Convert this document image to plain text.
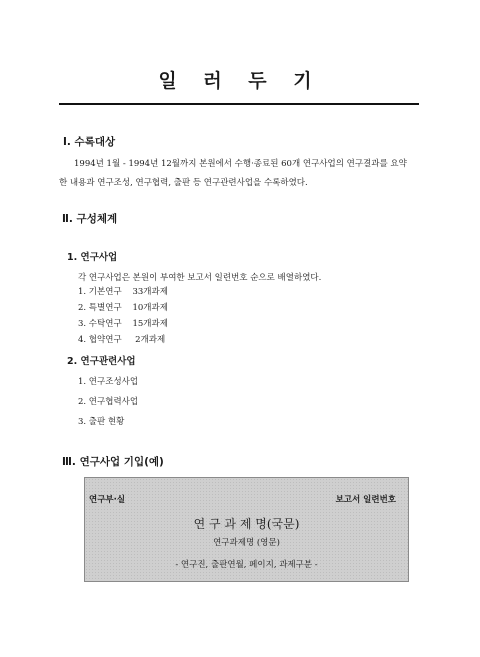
일 러 두 기
Ⅰ. 수록대상
1994년 1월 - 1994년 12월까지 본원에서 수행·종료된 60개 연구사업의 연구결과를 요약
한 내용과 연구조성, 연구협력, 출판 등 연구관련사업을 수록하였다.
Ⅱ. 구성체계
1. 연구사업
각 연구사업은 본원이 부여한 보고서 일련번호 순으로 배열하였다.
1. 기본연구    33개과제
2. 특별연구    10개과제
3. 수탁연구    15개과제
4. 협약연구     2개과제
2. 연구관련사업
1. 연구조성사업
2. 연구협력사업
3. 출판 현황
Ⅲ. 연구사업 기입(예)
연구부·실	보고서 일련번호
연 구 과 제 명(국문)
연구과제명 (영문)
- 연구진, 출판연월, 페이지, 과제구분 -
